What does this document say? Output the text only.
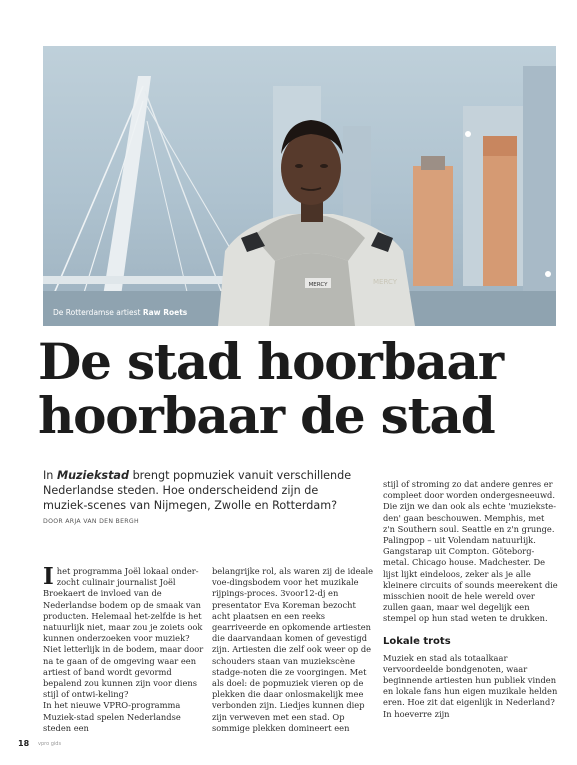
MERCY	MERCY
De Rotterdamse artiest Raw Roets
De stad hoorbaar
hoorbaar de stad
In Muziekstad brengt popmuziek vanuit verschillende Nederlandse steden. Hoe onderscheidend zijn de muziek-scenes van Nijmegen, Zwolle en Rotterdam?
DOOR ARJA VAN DEN BERGH

I het programma Joël lokaal onder-zocht culinair journalist Joël Broekaert de invloed van de Nederlandse bodem op de smaak van producten. Helemaal het-zelfde is het natuurlijk niet, maar zou je zoiets ook kunnen onderzoeken voor muziek? Niet letterlijk in de bodem, maar door na te gaan of de omgeving waar een artiest of band wordt gevormd bepalend zou kunnen zijn voor diens stijl of ontwi-keling?

In het nieuwe VPRO-programma Muziek-stad spelen Nederlandse steden een

belangrijke rol, als waren zij de ideale voe-dingsbodem voor het muzikale rijpings-proces. 3voor12-dj en presentator Eva Koreman bezocht acht plaatsen en een reeks gearriveerde en opkomende artiesten die daarvandaan komen of gevestigd zijn. Artiesten die zelf ook weer op de schouders staan van muziekscène stadge-noten die ze voorgingen. Met als doel: de popmuziek vieren op de plekken die daar onlosmakelijk mee verbonden zijn. Liedjes kunnen diep zijn verweven met een stad. Op sommige plekken domineert een

stijl of stroming zo dat andere genres er compleet door worden ondergesneeuwd. Die zijn we dan ook als echte 'muziekste-den' gaan beschouwen. Memphis, met z'n Southern soul. Seattle en z'n grunge. Palingpop – uit Volendam natuurlijk. Gangstarap uit Compton. Göteborg-metal. Chicago house. Madchester. De lijst lijkt eindeloos, zeker als je alle kleinere circuits of sounds meerekent die misschien nooit de hele wereld over zullen gaan, maar wel degelijk een stempel op hun stad weten te drukken.

Lokale trots

Muziek en stad als totaalkaar vervoordeelde bondgenoten, waar beginnende artiesten hun publiek vinden en lokale fans hun eigen muzikale helden eren. Hoe zit dat eigenlijk in Nederland? In hoeverre zijn

18 vpro gids
